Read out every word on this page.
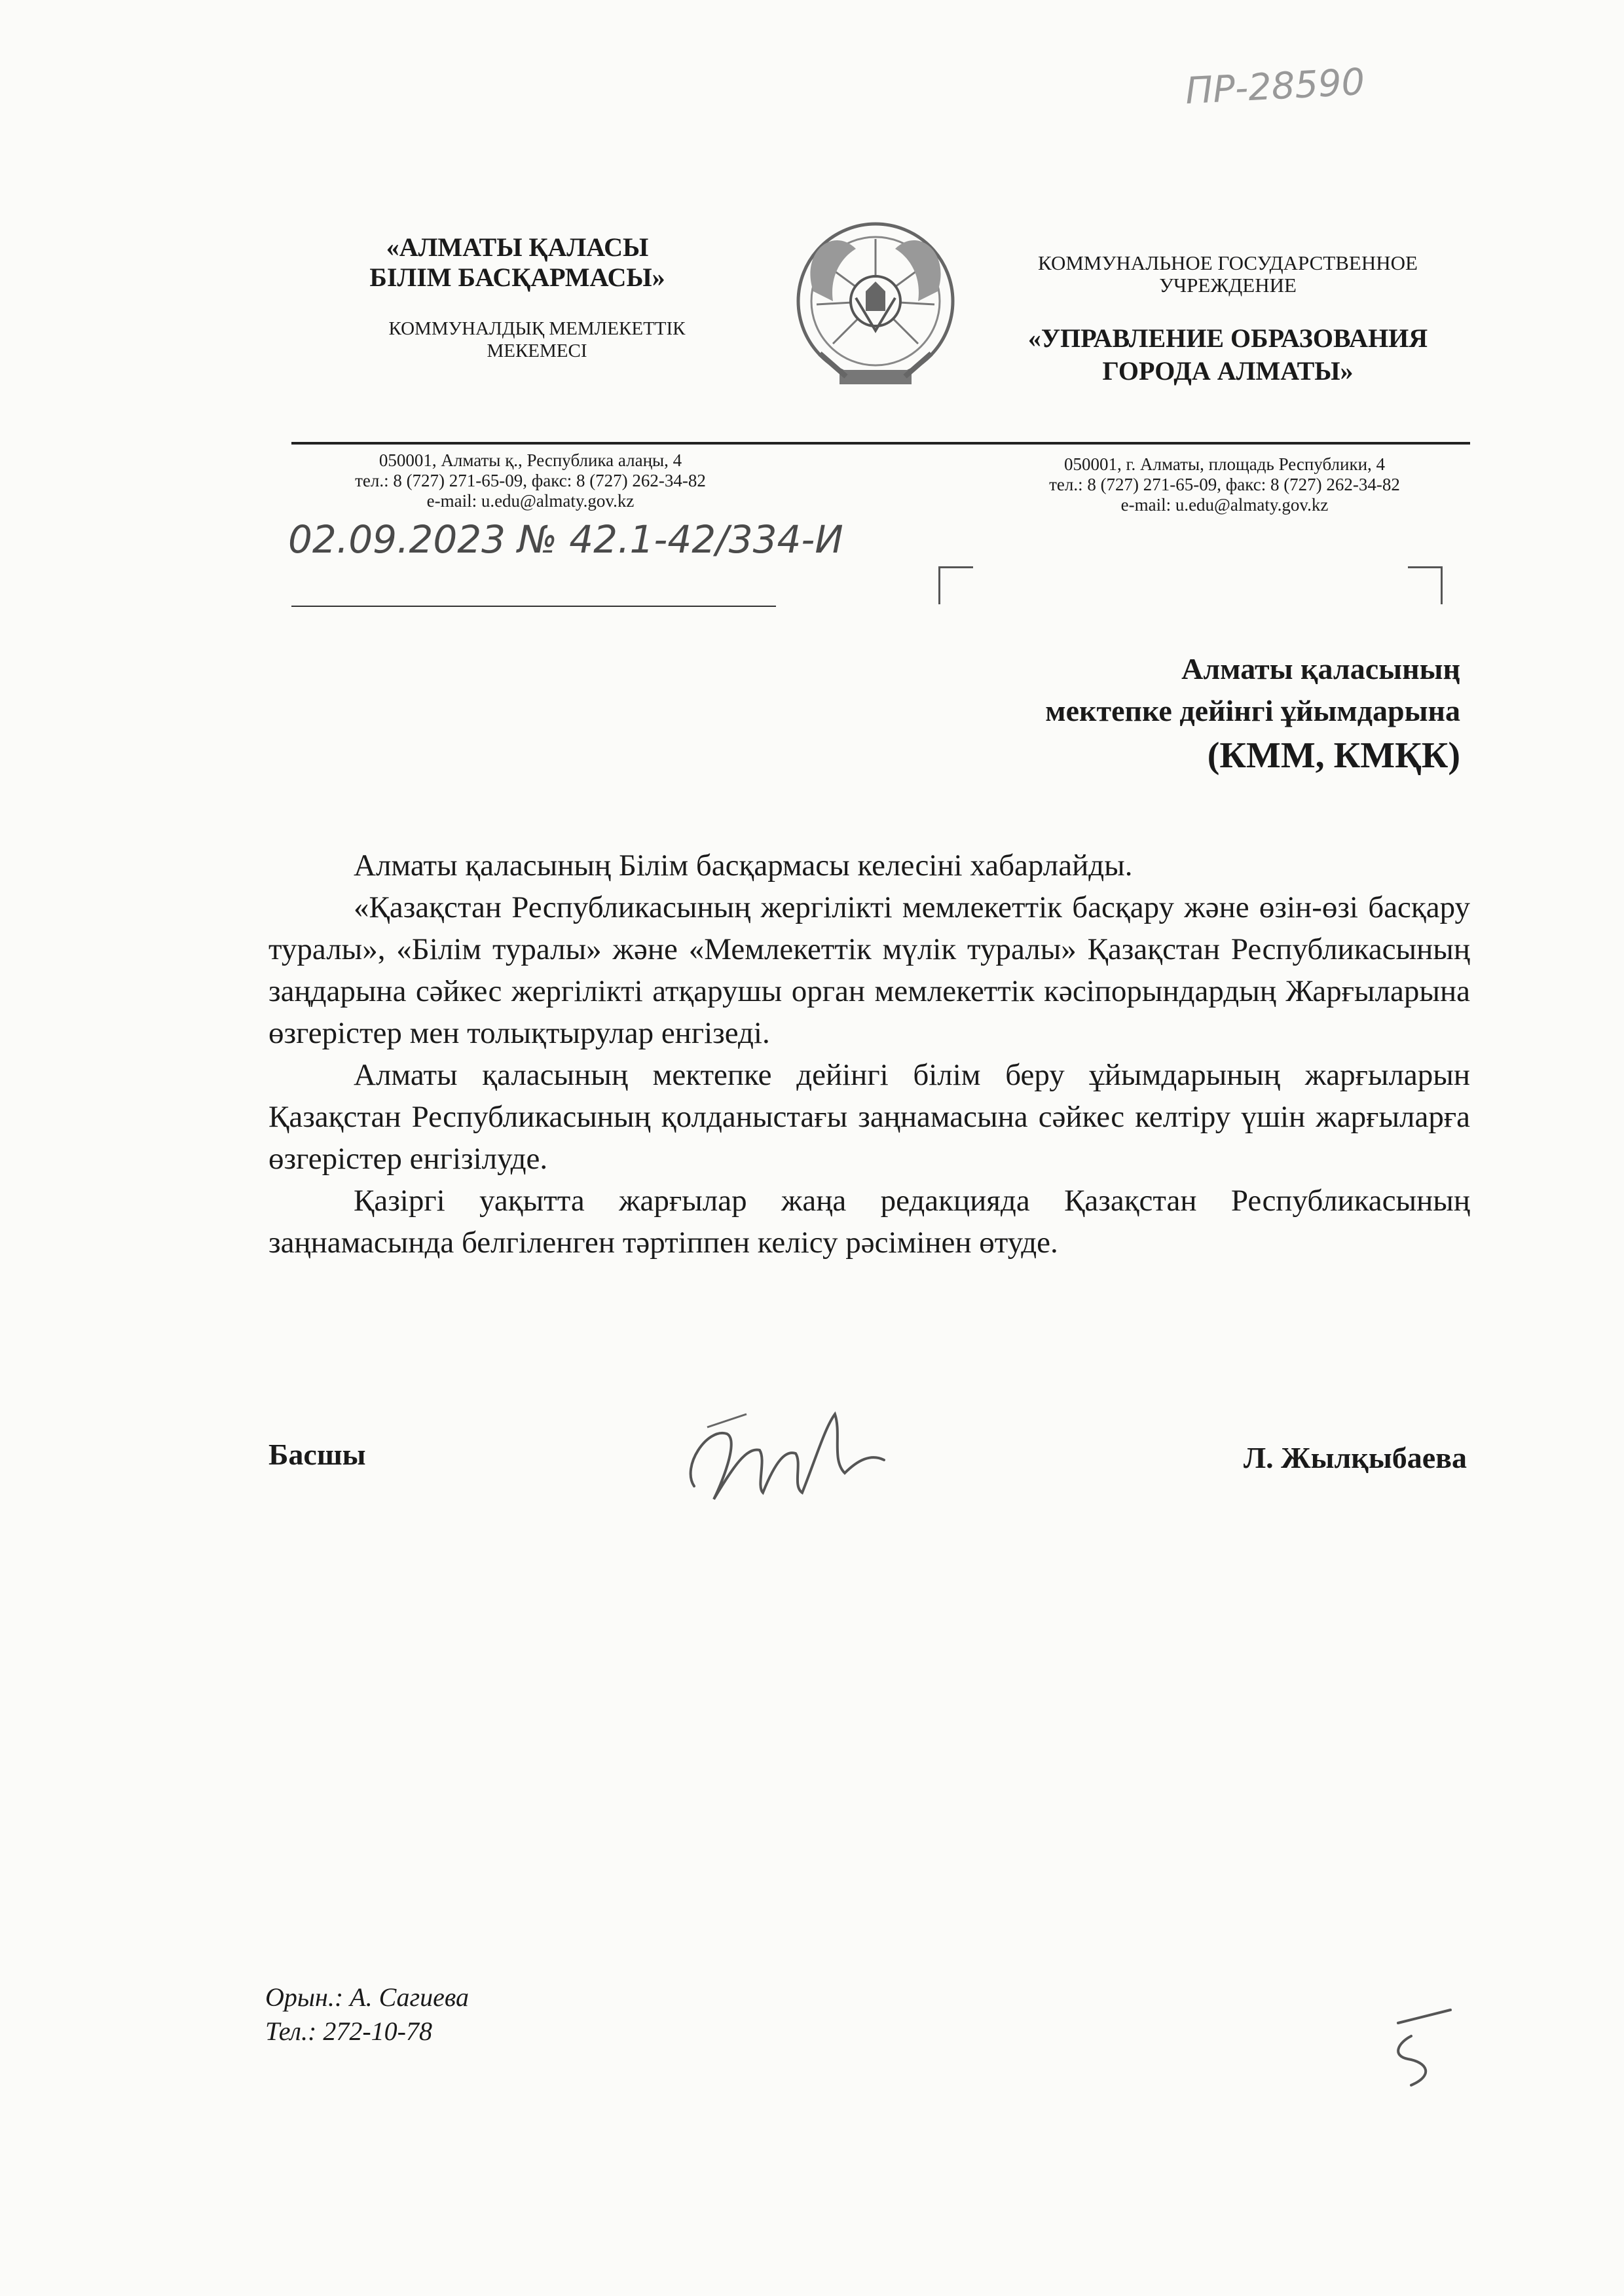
ПР-28590
«АЛМАТЫ ҚАЛАСЫ
БІЛІМ БАСҚАРМАСЫ»
КОММУНАЛДЫҚ МЕМЛЕКЕТТІК
МЕКЕМЕСІ
КОММУНАЛЬНОЕ ГОСУДАРСТВЕННОЕ
УЧРЕЖДЕНИЕ
«УПРАВЛЕНИЕ ОБРАЗОВАНИЯ
ГОРОДА АЛМАТЫ»
050001, Алматы қ., Республика алаңы, 4
тел.: 8 (727) 271-65-09, факс: 8 (727) 262-34-82
e-mail: u.edu@almaty.gov.kz
050001, г. Алматы, площадь Республики, 4
тел.: 8 (727) 271-65-09, факс: 8 (727) 262-34-82
e-mail: u.edu@almaty.gov.kz
02.09.2023 № 42.1-42/334-И
Алматы қаласының
мектепке дейінгі ұйымдарына
(КММ, КМҚК)

Алматы қаласының Білім басқармасы келесіні хабарлайды.

«Қазақстан Республикасының жергілікті мемлекеттік басқару және өзін-өзі басқару туралы», «Білім туралы» және «Мемлекеттік мүлік туралы» Қазақстан Республикасының заңдарына сәйкес жергілікті атқарушы орган мемлекеттік кәсіпорындардың Жарғыларына өзгерістер мен толықтырулар енгізеді.

Алматы қаласының мектепке дейінгі білім беру ұйымдарының жарғыларын Қазақстан Республикасының қолданыстағы заңнамасына сәйкес келтіру үшін жарғыларға өзгерістер енгізілуде.

Қазіргі уақытта жарғылар жаңа редакцияда Қазақстан Республикасының заңнамасында белгіленген тәртіппен келісу рәсімінен өтуде.

Басшы	Л. Жылқыбаева
Орын.: А. Сагиева
Тел.: 272-10-78
